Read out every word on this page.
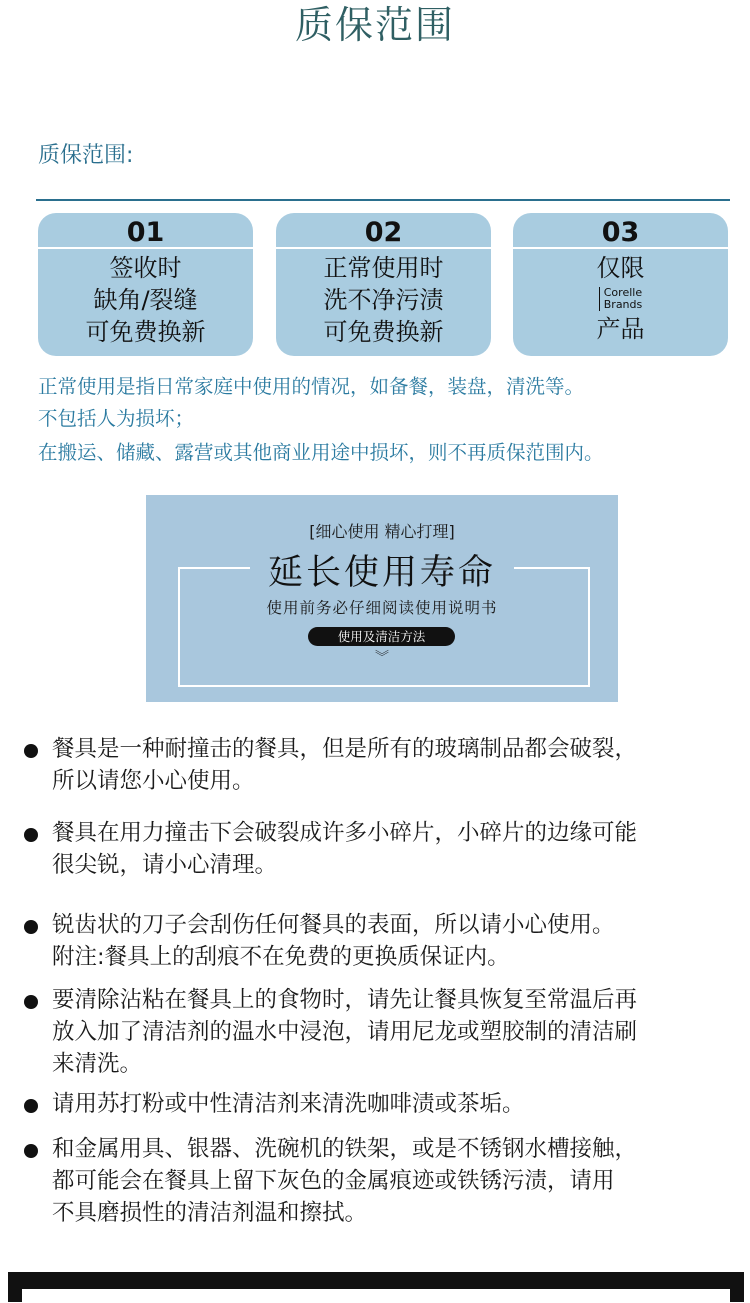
质保范围
质保范围:
01
签收时
缺角/裂缝
可免费换新
02
正常使用时
洗不净污渍
可免费换新
03
仅限
Corelle
Brands
产品
正常使用是指日常家庭中使用的情况，如备餐，装盘，清洗等。
不包括人为损坏；
在搬运、储藏、露营或其他商业用途中损坏，则不再质保范围内。
[细心使用 精心打理]
延长使用寿命
使用前务必仔细阅读使用说明书
使用及清洁方法
︾
餐具是一种耐撞击的餐具，但是所有的玻璃制品都会破裂，
所以请您小心使用。
餐具在用力撞击下会破裂成许多小碎片，小碎片的边缘可能
很尖锐，请小心清理。
锐齿状的刀子会刮伤任何餐具的表面，所以请小心使用。
附注:餐具上的刮痕不在免费的更换质保证内。
要清除沾粘在餐具上的食物时，请先让餐具恢复至常温后再
放入加了清洁剂的温水中浸泡，请用尼龙或塑胶制的清洁刷
来清洗。
请用苏打粉或中性清洁剂来清洗咖啡渍或茶垢。
和金属用具、银器、洗碗机的铁架，或是不锈钢水槽接触，
都可能会在餐具上留下灰色的金属痕迹或铁锈污渍，请用
不具磨损性的清洁剂温和擦拭。
